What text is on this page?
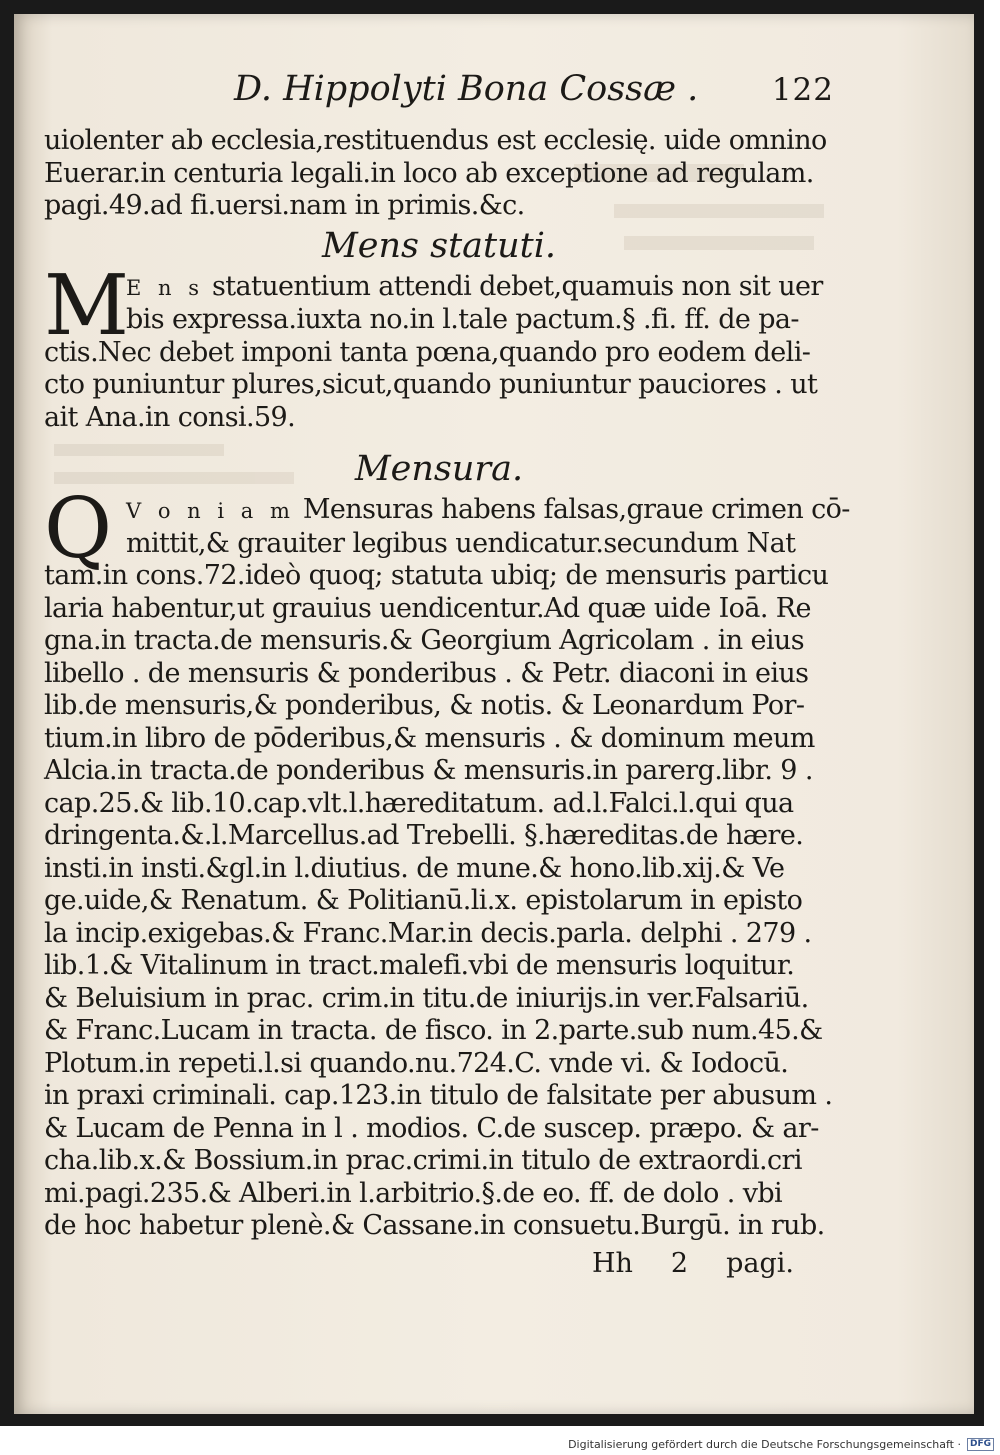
D. Hippolyti Bona Cossæ . 122
uiolenter ab ecclesia,restituendus est ecclesię. uide omnino
Euerar.in centuria legali.in loco ab exceptione ad regulam.
pagi.49.ad fi.uersi.nam in primis.&c.
Mens statuti.
M
E n s statuentium attendi debet,quamuis non sit uer
bis expressa.iuxta no.in l.tale pactum.§ .fi. ff. de pa-
ctis.Nec debet imponi tanta pœna,quando pro eodem deli-
cto puniuntur plures,sicut,quando puniuntur pauciores . ut
ait Ana.in consi.59.
Mensura.
Q V o n i a m Mensuras habens falsas,graue crimen cō-
mittit,& grauiter legibus uendicatur.secundum Nat
tam.in cons.72.ideò quoq; statuta ubiq; de mensuris particu
laria habentur,ut grauius uendicentur.Ad quæ uide Ioā. Re
gna.in tracta.de mensuris.& Georgium Agricolam . in eius
libello . de mensuris & ponderibus . & Petr. diaconi in eius
lib.de mensuris,& ponderibus, & notis. & Leonardum Por-
tium.in libro de pōderibus,& mensuris . & dominum meum
Alcia.in tracta.de ponderibus & mensuris.in parerg.libr. 9 .
cap.25.& lib.10.cap.vlt.l.hæreditatum. ad.l.Falci.l.qui qua
dringenta.&.l.Marcellus.ad Trebelli. §.hæreditas.de hære.
insti.in insti.&gl.in l.diutius. de mune.& hono.lib.xij.& Ve
ge.uide,& Renatum. & Politianū.li.x. epistolarum in episto
la incip.exigebas.& Franc.Mar.in decis.parla. delphi . 279 .
lib.1.& Vitalinum in tract.malefi.vbi de mensuris loquitur.
& Beluisium in prac. crim.in titu.de iniurijs.in ver.Falsariū.
& Franc.Lucam in tracta. de fisco. in 2.parte.sub num.45.&
Plotum.in repeti.l.si quando.nu.724.C. vnde vi. & Iodocū.
in praxi criminali. cap.123.in titulo de falsitate per abusum .
& Lucam de Penna in l . modios. C.de suscep. præpo. & ar-
cha.lib.x.& Bossium.in prac.crimi.in titulo de extraordi.cri
mi.pagi.235.& Alberi.in l.arbitrio.§.de eo. ff. de dolo . vbi
de hoc habetur plenè.& Cassane.in consuetu.Burgū. in rub.
Hh 2 pagi.
Digitalisierung gefördert durch die Deutsche Forschungsgemeinschaft ·	DFG
